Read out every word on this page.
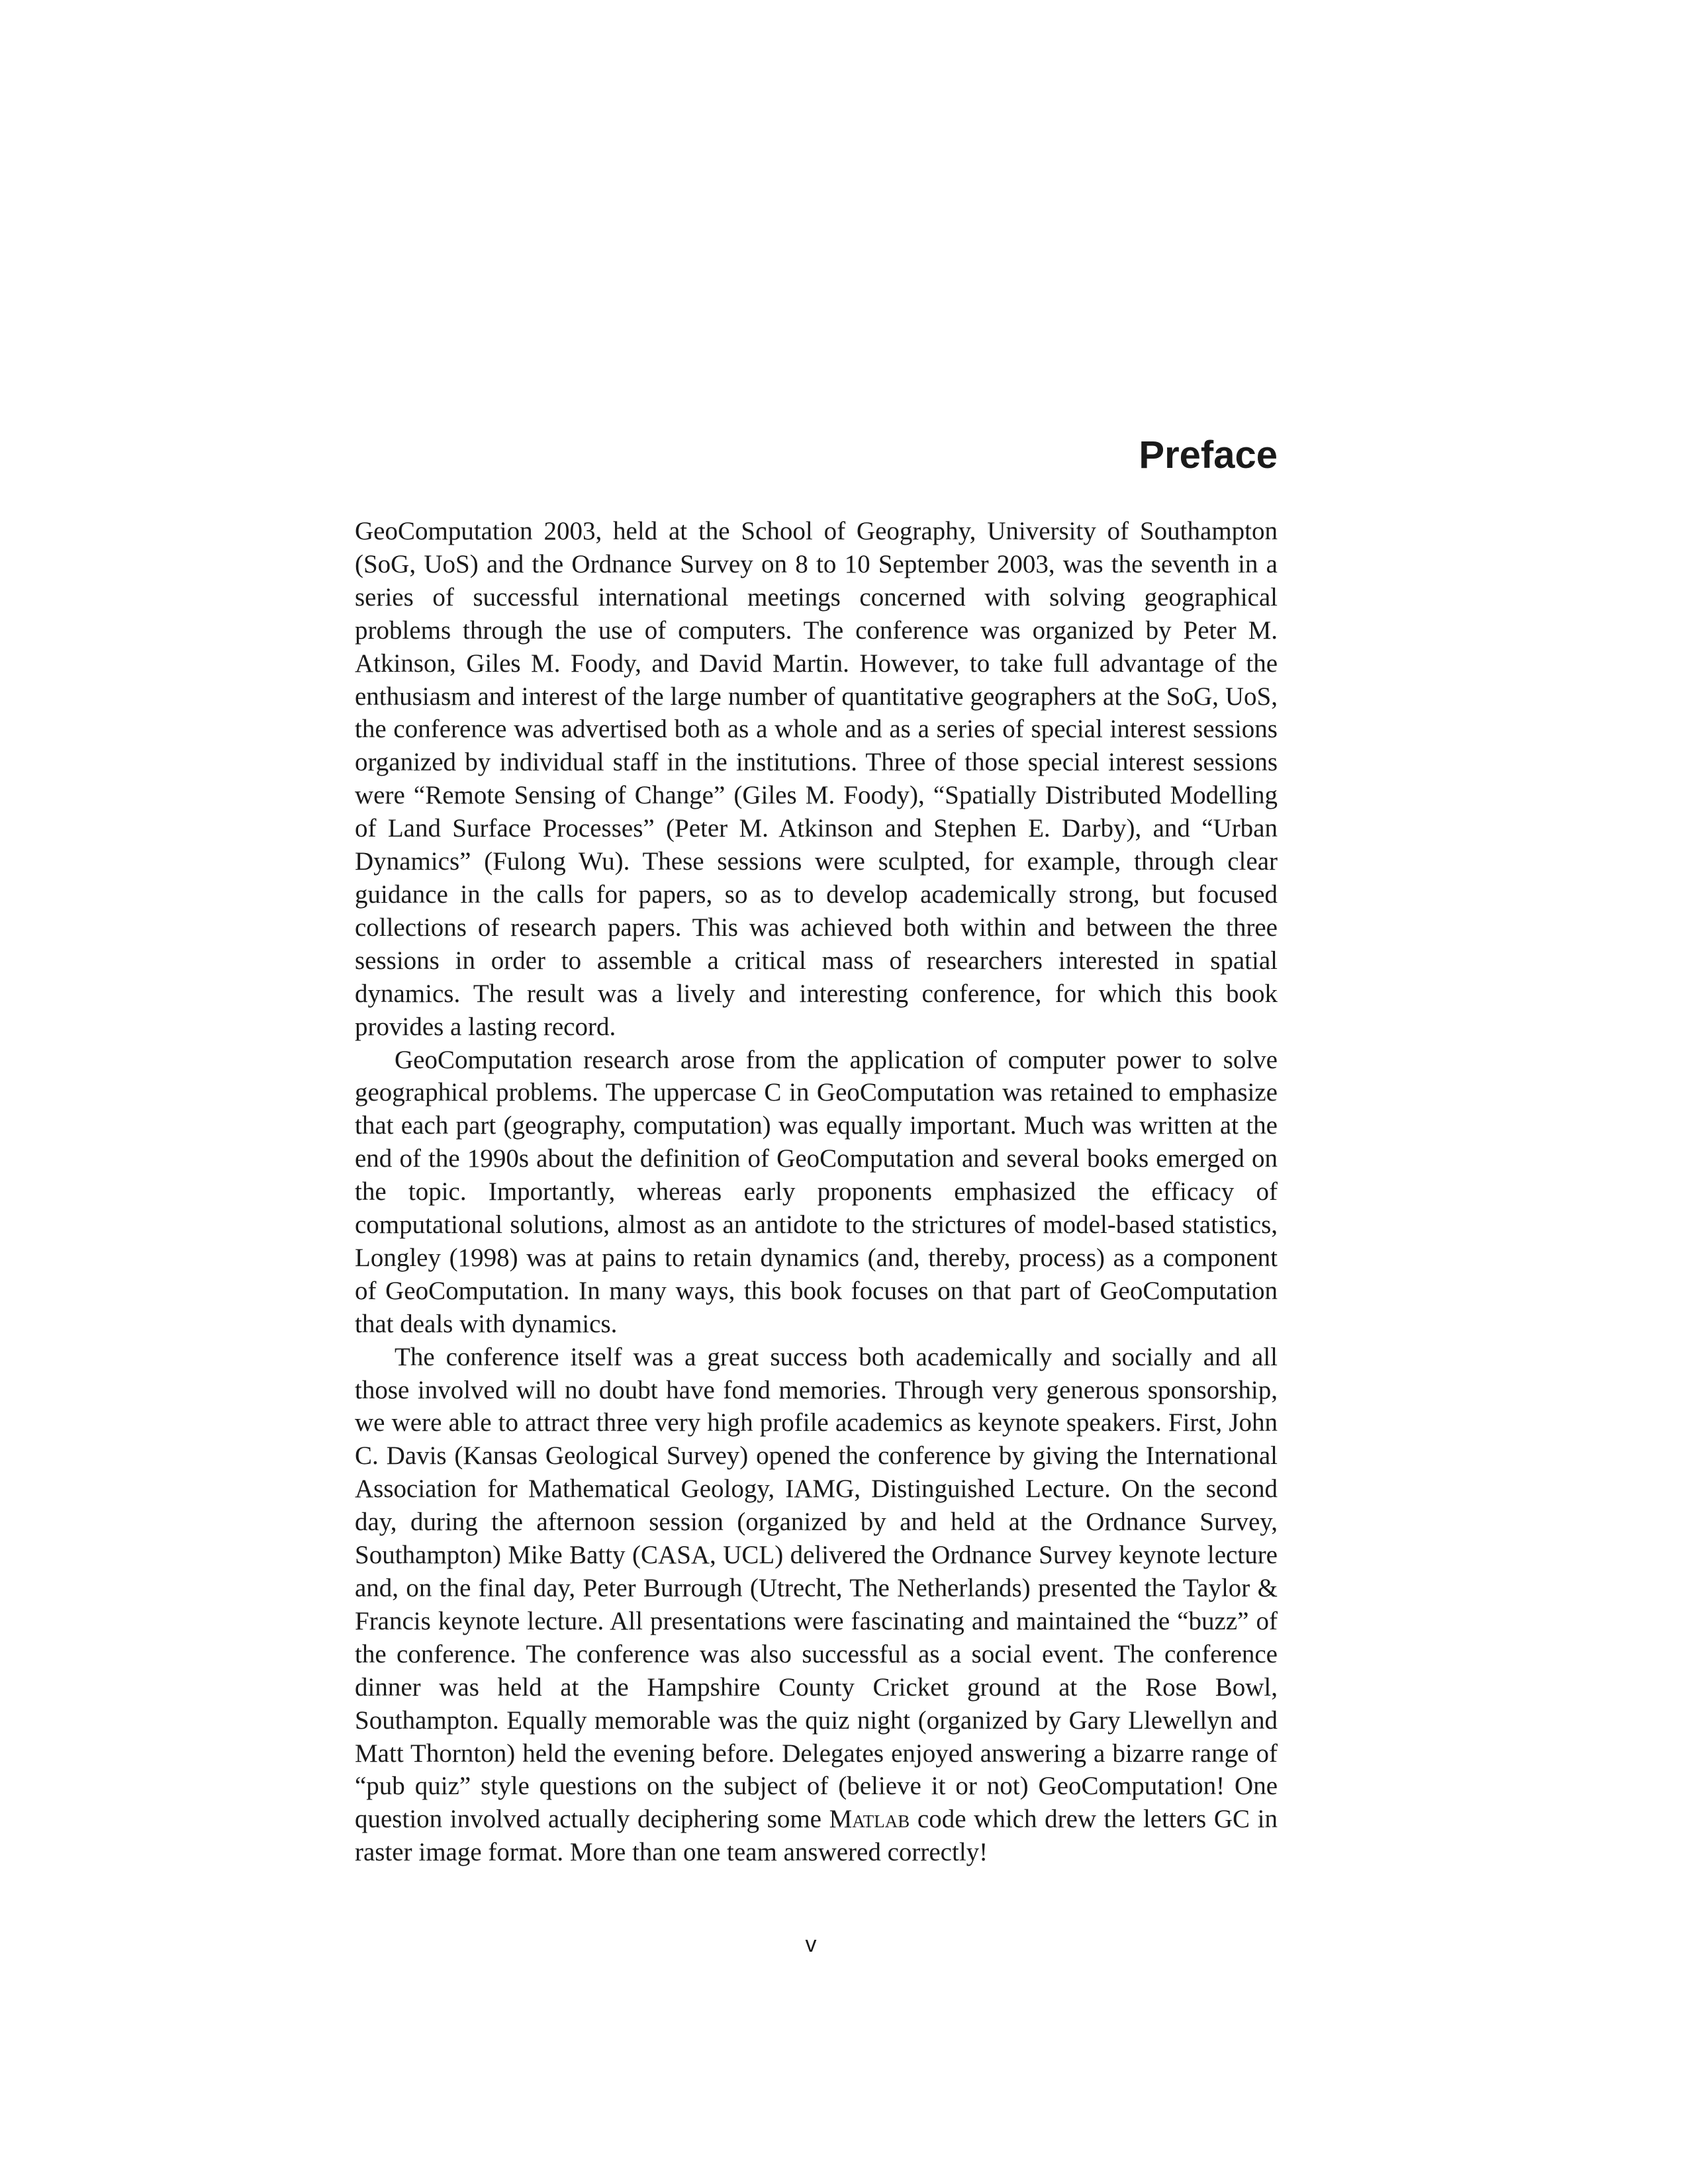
Preface

GeoComputation 2003, held at the School of Geography, University of Southampton (SoG, UoS) and the Ordnance Survey on 8 to 10 September 2003, was the seventh in a series of successful international meetings concerned with solving geographical problems through the use of computers. The conference was organized by Peter M. Atkinson, Giles M. Foody, and David Martin. However, to take full advantage of the enthusiasm and interest of the large number of quantitative geographers at the SoG, UoS, the conference was advertised both as a whole and as a series of special interest sessions organized by individual staff in the institutions. Three of those special interest sessions were “Remote Sensing of Change” (Giles M. Foody), “Spatially Distributed Modelling of Land Surface Processes” (Peter M. Atkinson and Stephen E. Darby), and “Urban Dynamics” (Fulong Wu). These sessions were sculpted, for example, through clear guidance in the calls for papers, so as to develop academically strong, but focused collections of research papers. This was achieved both within and between the three sessions in order to assemble a critical mass of researchers interested in spatial dynamics. The result was a lively and interesting conference, for which this book provides a lasting record.

GeoComputation research arose from the application of computer power to solve geographical problems. The uppercase C in GeoComputation was retained to emphasize that each part (geography, computation) was equally important. Much was written at the end of the 1990s about the definition of GeoComputation and several books emerged on the topic. Importantly, whereas early proponents emphasized the efficacy of computational solutions, almost as an antidote to the strictures of model-based statistics, Longley (1998) was at pains to retain dynamics (and, thereby, process) as a component of GeoComputation. In many ways, this book focuses on that part of GeoComputation that deals with dynamics.

The conference itself was a great success both academically and socially and all those involved will no doubt have fond memories. Through very generous sponsorship, we were able to attract three very high profile academics as keynote speakers. First, John C. Davis (Kansas Geological Survey) opened the conference by giving the International Association for Mathematical Geology, IAMG, Distinguished Lecture. On the second day, during the afternoon session (organized by and held at the Ordnance Survey, Southampton) Mike Batty (CASA, UCL) delivered the Ordnance Survey keynote lecture and, on the final day, Peter Burrough (Utrecht, The Netherlands) presented the Taylor & Francis keynote lecture. All presentations were fascinating and maintained the “buzz” of the conference. The conference was also successful as a social event. The conference dinner was held at the Hampshire County Cricket ground at the Rose Bowl, Southampton. Equally memorable was the quiz night (organized by Gary Llewellyn and Matt Thornton) held the evening before. Delegates enjoyed answering a bizarre range of “pub quiz” style questions on the subject of (believe it or not) GeoComputation! One question involved actually deciphering some Matlab code which drew the letters GC in raster image format. More than one team answered correctly!

v
